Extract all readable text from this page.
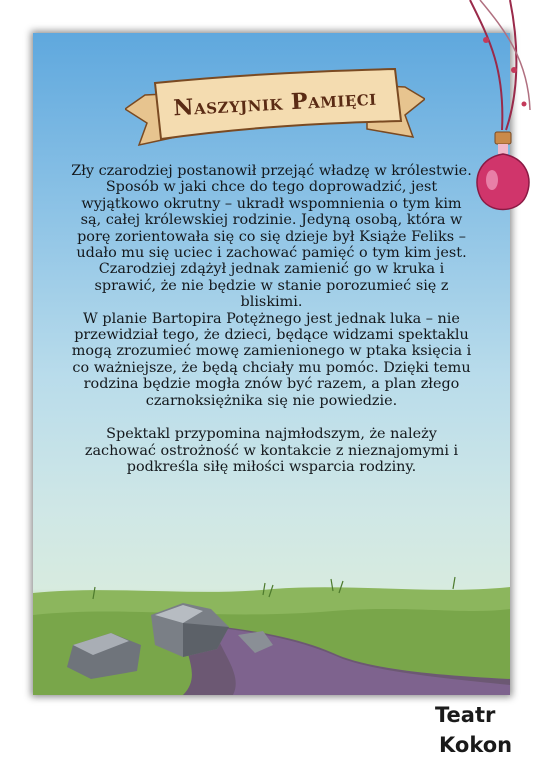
Naszyjnik Pamięci

Zły czarodziej postanowił przejąć władzę w królestwie.

Sposób w jaki chce do tego doprowadzić, jest wyjątkowo okrutny – ukradł wspomnienia o tym kim są, całej królewskiej rodzinie. Jedyną osobą, która w porę zorientowała się co się dzieje był Książe Feliks – udało mu się uciec i zachować pamięć o tym kim jest. Czarodziej zdążył jednak zamienić go w kruka i sprawić, że nie będzie w stanie porozumieć się z bliskimi.

W planie Bartopira Potężnego jest jednak luka – nie przewidział tego, że dzieci, będące widzami spektaklu mogą zrozumieć mowę zamienionego w ptaka księcia i co ważniejsze, że będą chciały mu pomóc. Dzięki temu rodzina będzie mogła znów być razem, a plan złego czarnoksiężnika się nie powiedzie.

Spektakl przypomina najmłodszym, że należy zachować ostrożność w kontakcie z nieznajomymi i podkreśla siłę miłości wsparcia rodziny.

Teatr
Kokon
